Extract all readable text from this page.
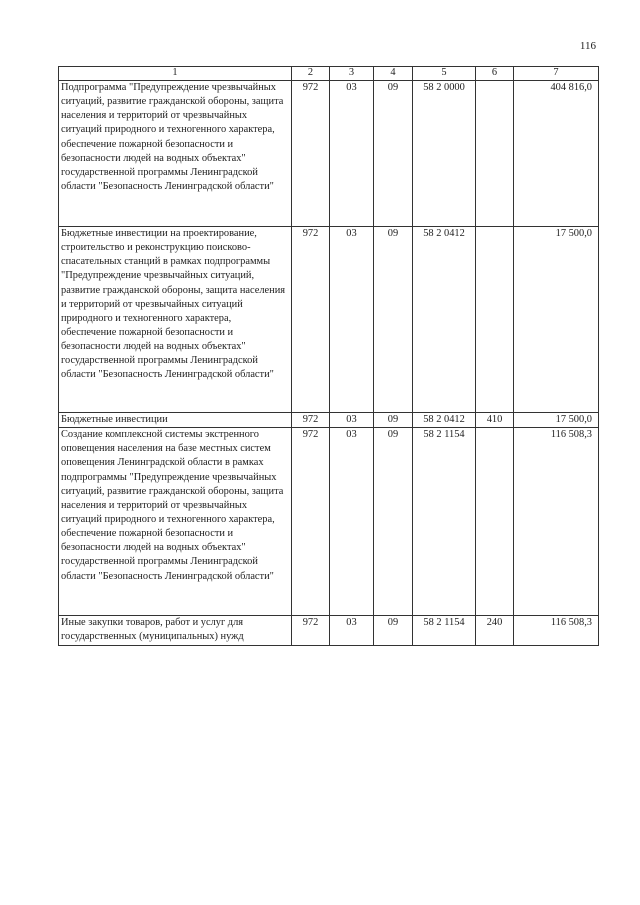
116
1	2	3	4	5	6	7
Подпрограмма "Предупреждение чрезвычайных ситуаций, развитие гражданской обороны, защита населения и территорий от чрезвычайных ситуаций природного и техногенного характера, обеспечение пожарной безопасности и безопасности людей на водных объектах" государственной программы Ленинградской области "Безопасность Ленинградской области"	972	03	09	58 2 0000		404 816,0
Бюджетные инвестиции на проектирование, строительство и реконструкцию поисково-спасательных станций в рамках подпрограммы "Предупреждение чрезвычайных ситуаций, развитие гражданской обороны, защита населения и территорий от чрезвычайных ситуаций природного и техногенного характера, обеспечение пожарной безопасности и безопасности людей на водных объектах" государственной программы Ленинградской области "Безопасность Ленинградской области"	972	03	09	58 2 0412		17 500,0
Бюджетные инвестиции	972	03	09	58 2 0412	410	17 500,0
Создание комплексной системы экстренного оповещения населения на базе местных систем оповещения Ленинградской области в рамках подпрограммы "Предупреждение чрезвычайных ситуаций, развитие гражданской обороны, защита населения и территорий от чрезвычайных ситуаций природного и техногенного характера, обеспечение пожарной безопасности и безопасности людей на водных объектах" государственной программы Ленинградской области "Безопасность Ленинградской области"	972	03	09	58 2 1154		116 508,3
Иные закупки товаров, работ и услуг для государственных (муниципальных) нужд	972	03	09	58 2 1154	240	116 508,3
